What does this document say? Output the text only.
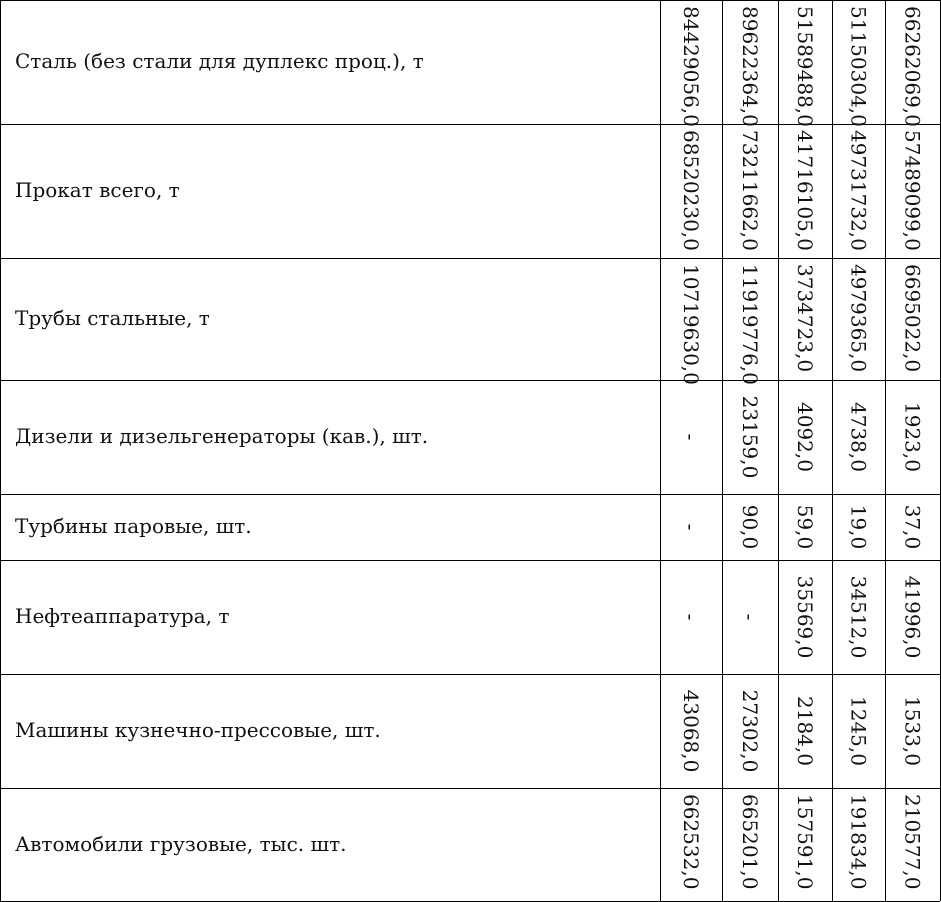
Сталь (без стали для дуплекс проц.), т	84429056,0 89622364,0 51589488,0 51150304,0 66262069,0
Прокат всего, т	68520230,0 73211662,0 41716105,0 49731732,0 57489099,0
Трубы стальные, т	10719630,0 11919776,0 3734723,0 4979365,0 6695022,0
Дизели и дизельгенераторы (кав.), шт.	- 23159,0 4092,0 4738,0 1923,0
Турбины паровые, шт.	- 90,0 59,0 19,0 37,0
Нефтеаппаратура, т	- - 35569,0 34512,0 41996,0
Машины кузнечно-прессовые, шт.	43068,0 27302,0 2184,0 1245,0 1533,0
Автомобили грузовые, тыс. шт.	662532,0 665201,0 157591,0 191834,0 210577,0
